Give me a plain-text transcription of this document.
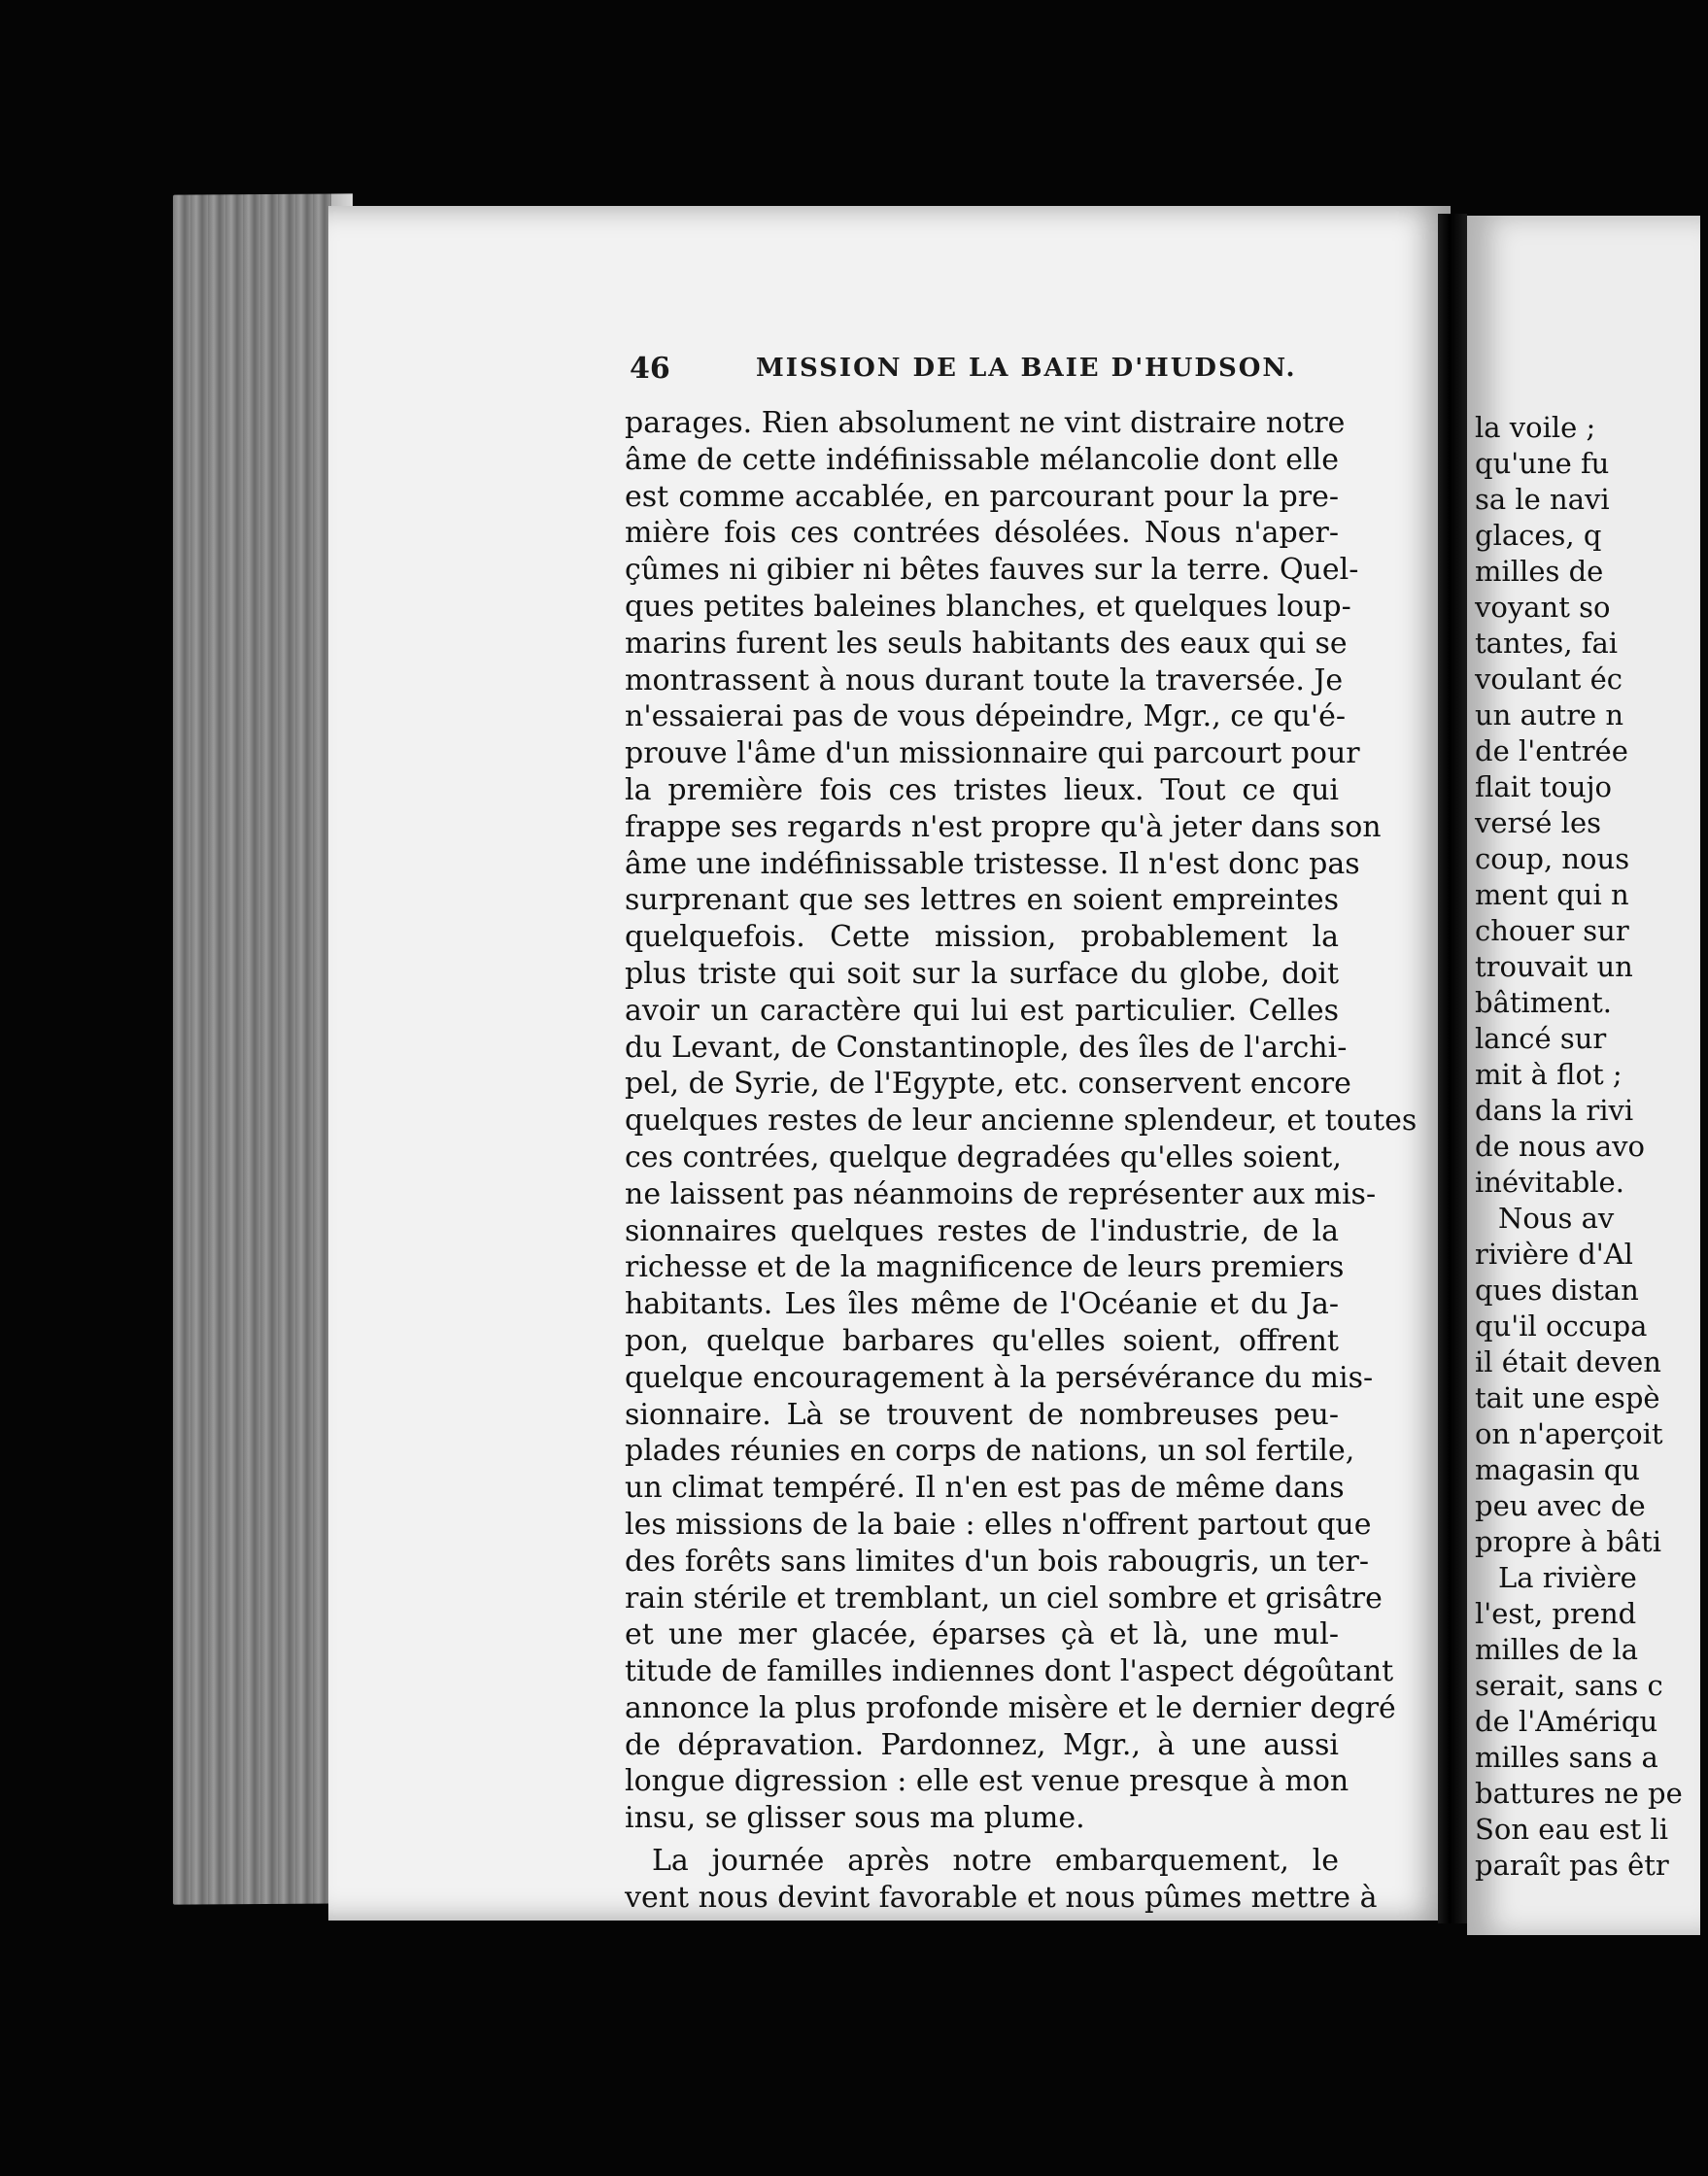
46	MISSION DE LA BAIE D'HUDSON.
parages. Rien absolument ne vint distraire notre
âme de cette indéfinissable mélancolie dont elle
est comme accablée, en parcourant pour la pre-
mière fois ces contrées désolées. Nous n'aper-
çûmes ni gibier ni bêtes fauves sur la terre. Quel-
ques petites baleines blanches, et quelques loup-
marins furent les seuls habitants des eaux qui se
montrassent à nous durant toute la traversée. Je
n'essaierai pas de vous dépeindre, Mgr., ce qu'é-
prouve l'âme d'un missionnaire qui parcourt pour
la première fois ces tristes lieux. Tout ce qui
frappe ses regards n'est propre qu'à jeter dans son
âme une indéfinissable tristesse. Il n'est donc pas
surprenant que ses lettres en soient empreintes
quelquefois. Cette mission, probablement la
plus triste qui soit sur la surface du globe, doit
avoir un caractère qui lui est particulier. Celles
du Levant, de Constantinople, des îles de l'archi-
pel, de Syrie, de l'Egypte, etc. conservent encore
quelques restes de leur ancienne splendeur, et toutes
ces contrées, quelque degradées qu'elles soient,
ne laissent pas néanmoins de représenter aux mis-
sionnaires quelques restes de l'industrie, de la
richesse et de la magnificence de leurs premiers
habitants. Les îles même de l'Océanie et du Ja-
pon, quelque barbares qu'elles soient, offrent
quelque encouragement à la persévérance du mis-
sionnaire. Là se trouvent de nombreuses peu-
plades réunies en corps de nations, un sol fertile,
un climat tempéré. Il n'en est pas de même dans
les missions de la baie : elles n'offrent partout que
des forêts sans limites d'un bois rabougris, un ter-
rain stérile et tremblant, un ciel sombre et grisâtre
et une mer glacée, éparses çà et là, une mul-
titude de familles indiennes dont l'aspect dégoûtant
annonce la plus profonde misère et le dernier degré
de dépravation. Pardonnez, Mgr., à une aussi
longue digression : elle est venue presque à mon
insu, se glisser sous ma plume.
La journée après notre embarquement, le
vent nous devint favorable et nous pûmes mettre à
la voile ;
qu'une fu
sa le navi
glaces, q
milles de
voyant so
tantes, fai
voulant éc
un autre n
de l'entrée
flait toujo
versé les
coup, nous
ment qui n
chouer sur
trouvait un
bâtiment.
lancé sur
mit à flot ;
dans la rivi
de nous avo
inévitable.
Nous av
rivière d'Al
ques distan
qu'il occupa
il était deven
tait une espè
on n'aperçoit
magasin qu
peu avec de
propre à bâti
La rivière
l'est, prend
milles de la
serait, sans c
de l'Amériqu
milles sans a
battures ne pe
Son eau est li
paraît pas êtr
